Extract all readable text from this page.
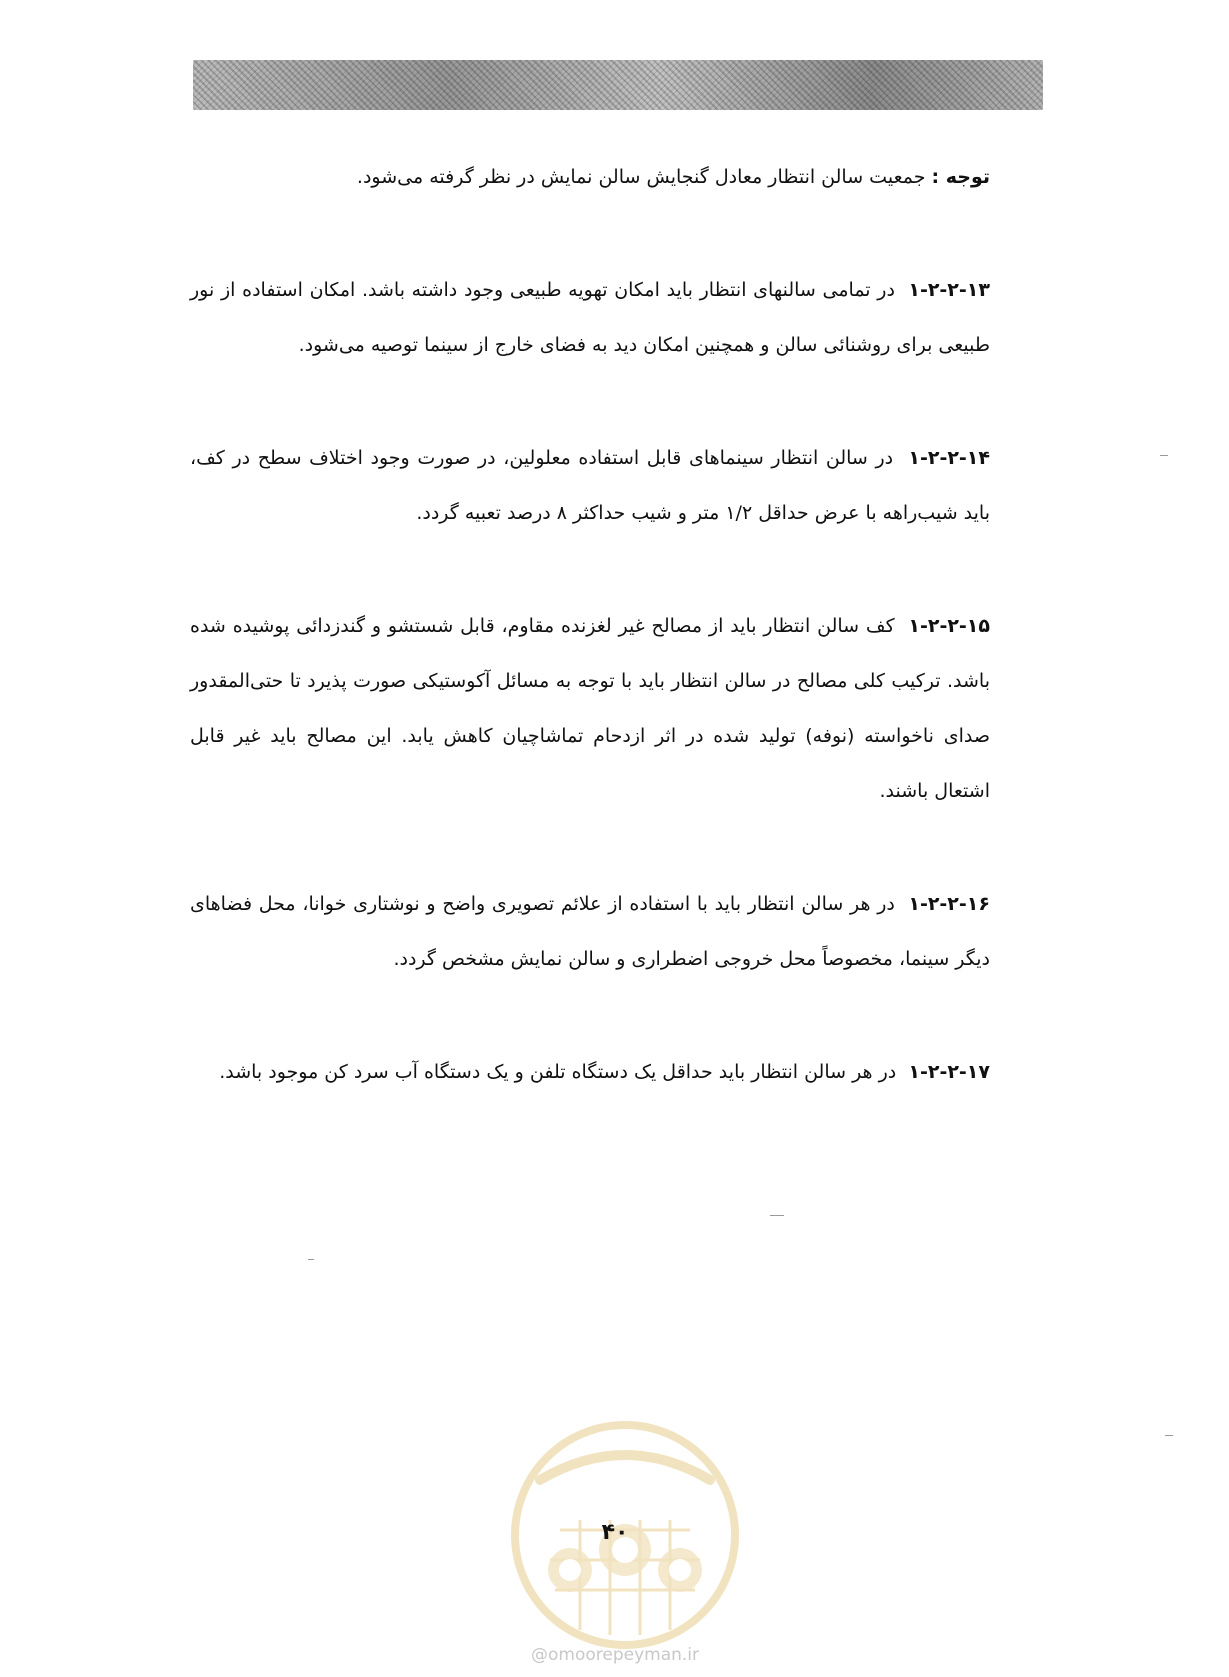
توجه : جمعیت سالن انتظار معادل گنجایش سالن نمایش در نظر گرفته می‌شود.

۱-۲-۲-۱۳  در تمامی سالنهای انتظار باید امکان تهویه طبیعی وجود داشته باشد. امکان استفاده از نور طبیعی برای روشنائی سالن و همچنین امکان دید به فضای خارج از سینما توصیه می‌شود.

۱-۲-۲-۱۴  در سالن انتظار سینماهای قابل استفاده معلولین، در صورت وجود اختلاف سطح در کف، باید شیب‌راهه با عرض حداقل ۱/۲ متر و شیب حداکثر ۸ درصد تعبیه گردد.

۱-۲-۲-۱۵  کف سالن انتظار باید از مصالح غیر لغزنده مقاوم، قابل شستشو و گندزدائی پوشیده شده باشد. ترکیب کلی مصالح در سالن انتظار باید با توجه به مسائل آکوستیکی صورت پذیرد تا حتی‌المقدور صدای ناخواسته (نوفه) تولید شده در اثر ازدحام تماشاچیان کاهش یابد. این مصالح باید غیر قابل اشتعال باشند.

۱-۲-۲-۱۶  در هر سالن انتظار باید با استفاده از علائم تصویری واضح و نوشتاری خوانا، محل فضاهای دیگر سینما، مخصوصاً محل خروجی اضطراری و سالن نمایش مشخص گردد.

۱-۲-۲-۱۷  در هر سالن انتظار باید حداقل یک دستگاه تلفن و یک دستگاه آب سرد کن موجود باشد.

۴۰
@omoorepeyman.ir
